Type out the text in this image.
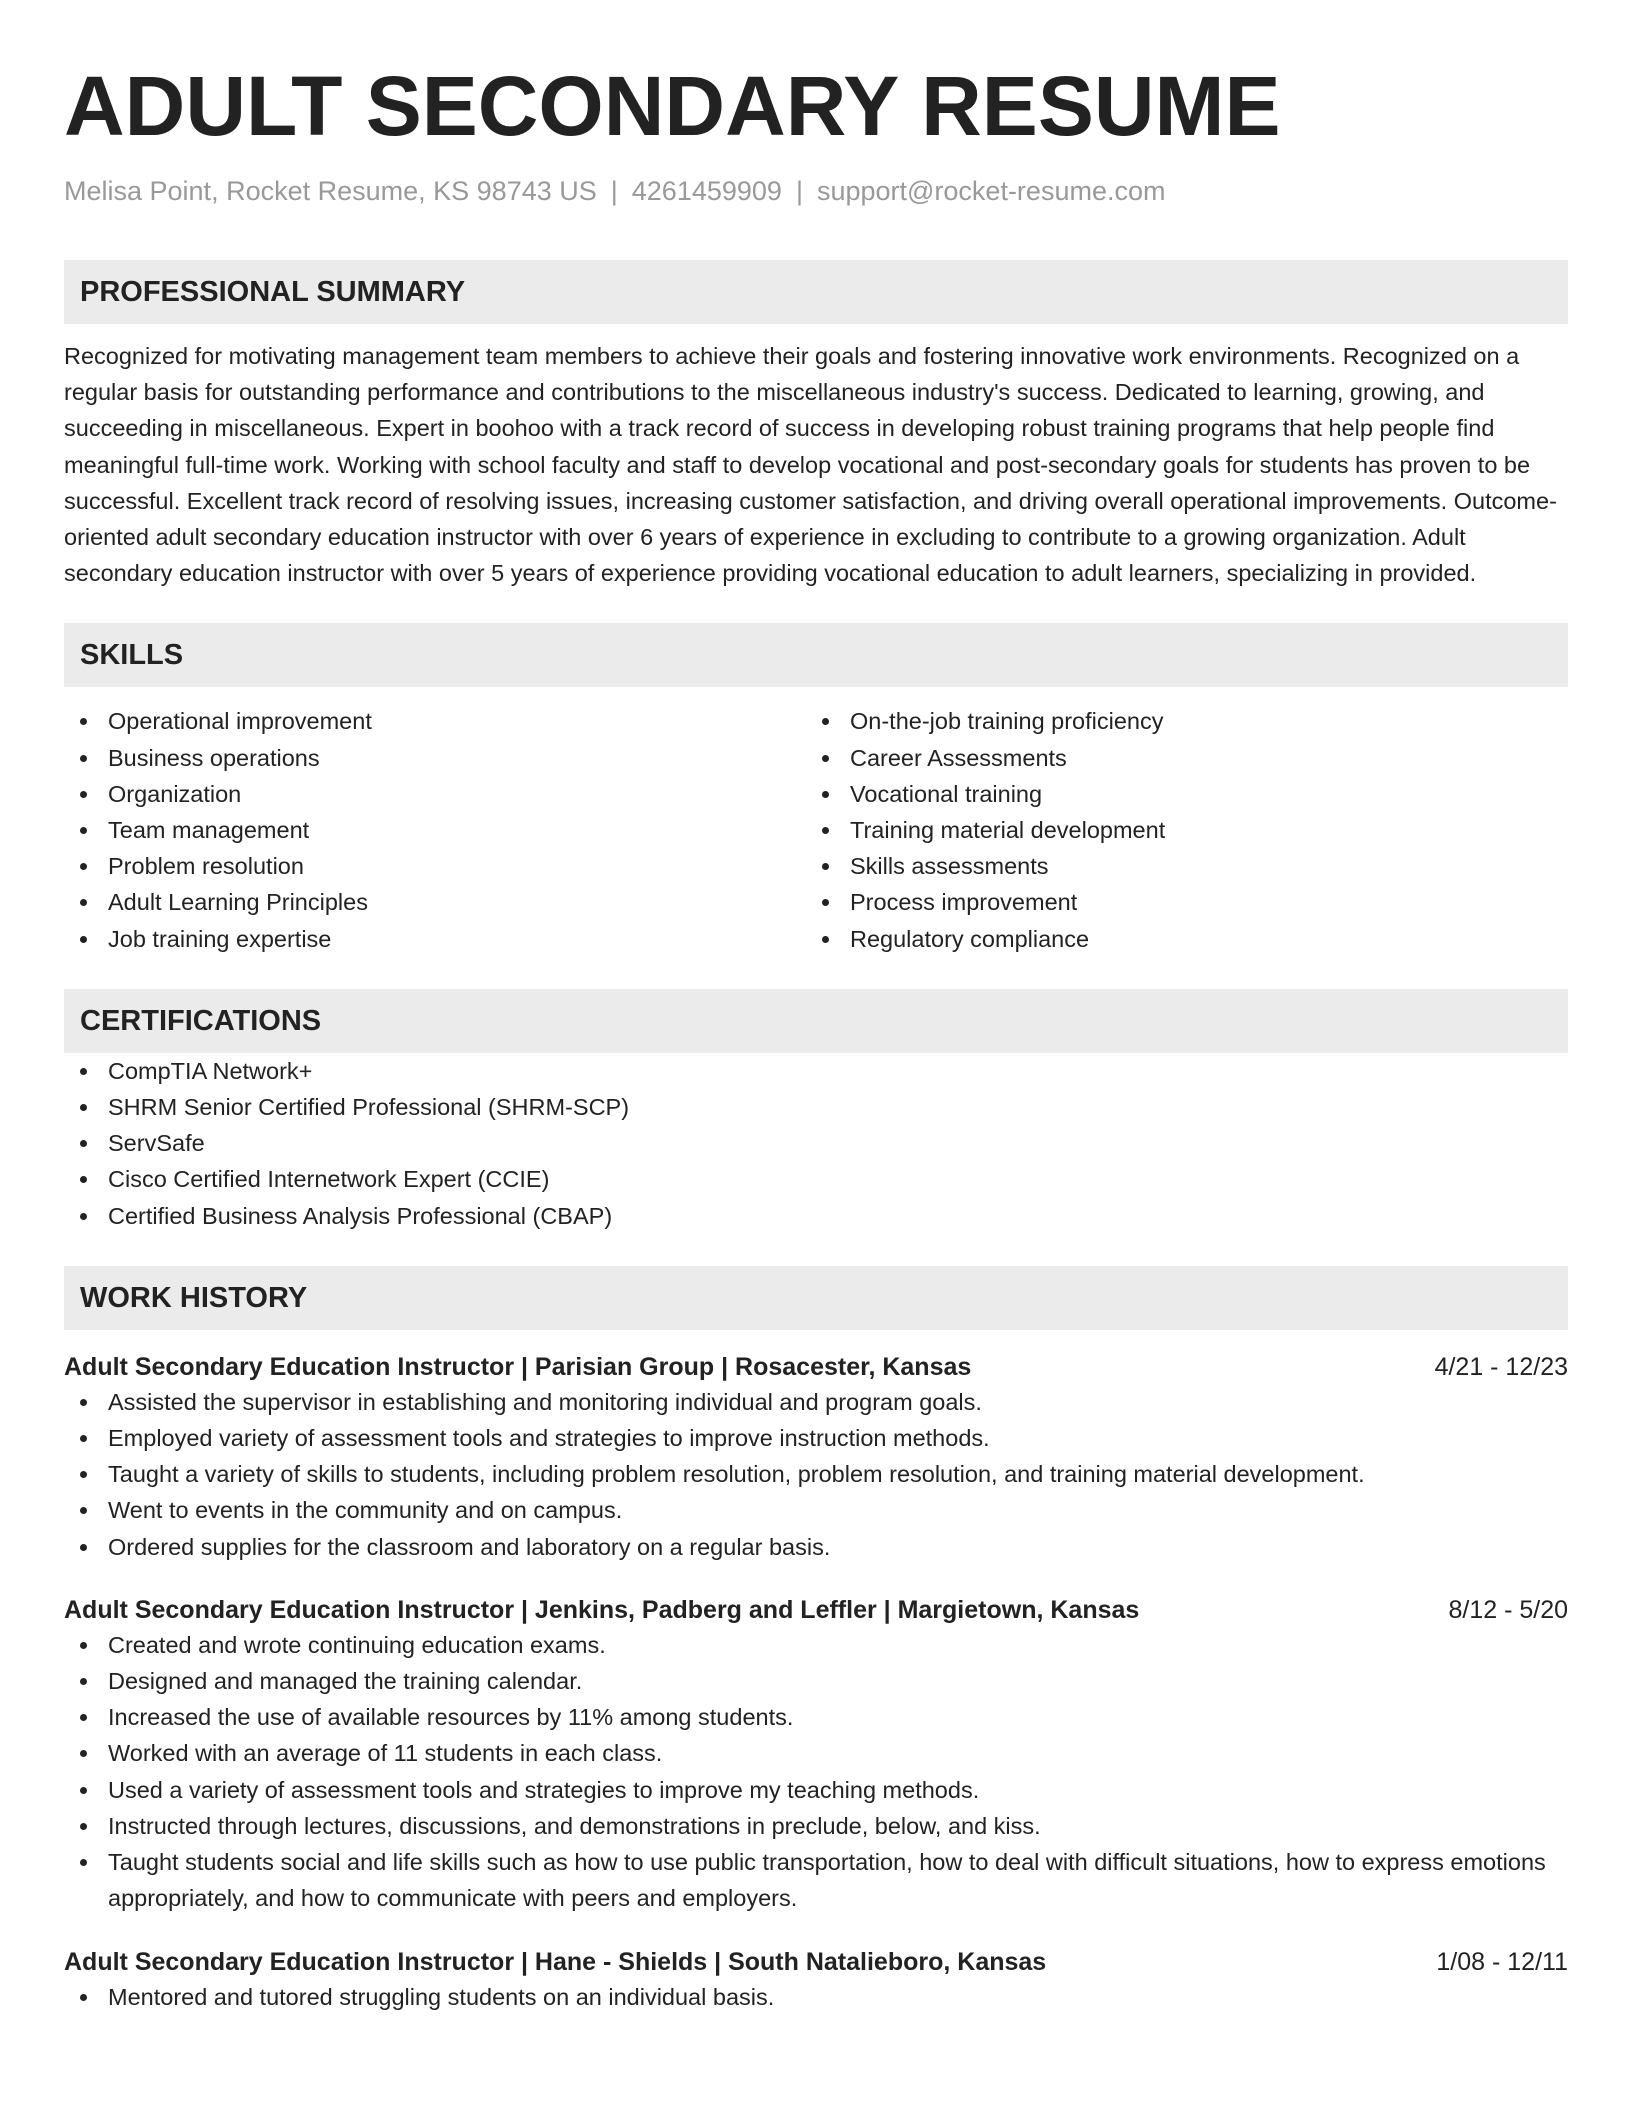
ADULT SECONDARY RESUME
Melisa Point, Rocket Resume, KS 98743 US | 4261459909 | support@rocket-resume.com
PROFESSIONAL SUMMARY
Recognized for motivating management team members to achieve their goals and fostering innovative work environments. Recognized on a regular basis for outstanding performance and contributions to the miscellaneous industry's success. Dedicated to learning, growing, and succeeding in miscellaneous. Expert in boohoo with a track record of success in developing robust training programs that help people find meaningful full-time work. Working with school faculty and staff to develop vocational and post-secondary goals for students has proven to be successful. Excellent track record of resolving issues, increasing customer satisfaction, and driving overall operational improvements. Outcome-oriented adult secondary education instructor with over 6 years of experience in excluding to contribute to a growing organization. Adult secondary education instructor with over 5 years of experience providing vocational education to adult learners, specializing in provided.
SKILLS
Operational improvement
Business operations
Organization
Team management
Problem resolution
Adult Learning Principles
Job training expertise
On-the-job training proficiency
Career Assessments
Vocational training
Training material development
Skills assessments
Process improvement
Regulatory compliance
CERTIFICATIONS
CompTIA Network+
SHRM Senior Certified Professional (SHRM-SCP)
ServSafe
Cisco Certified Internetwork Expert (CCIE)
Certified Business Analysis Professional (CBAP)
WORK HISTORY
Adult Secondary Education Instructor | Parisian Group | Rosacester, Kansas	4/21 - 12/23
Assisted the supervisor in establishing and monitoring individual and program goals.
Employed variety of assessment tools and strategies to improve instruction methods.
Taught a variety of skills to students, including problem resolution, problem resolution, and training material development.
Went to events in the community and on campus.
Ordered supplies for the classroom and laboratory on a regular basis.
Adult Secondary Education Instructor | Jenkins, Padberg and Leffler | Margietown, Kansas	8/12 - 5/20
Created and wrote continuing education exams.
Designed and managed the training calendar.
Increased the use of available resources by 11% among students.
Worked with an average of 11 students in each class.
Used a variety of assessment tools and strategies to improve my teaching methods.
Instructed through lectures, discussions, and demonstrations in preclude, below, and kiss.
Taught students social and life skills such as how to use public transportation, how to deal with difficult situations, how to express emotions appropriately, and how to communicate with peers and employers.
Adult Secondary Education Instructor | Hane - Shields | South Natalieboro, Kansas	1/08 - 12/11
Mentored and tutored struggling students on an individual basis.
